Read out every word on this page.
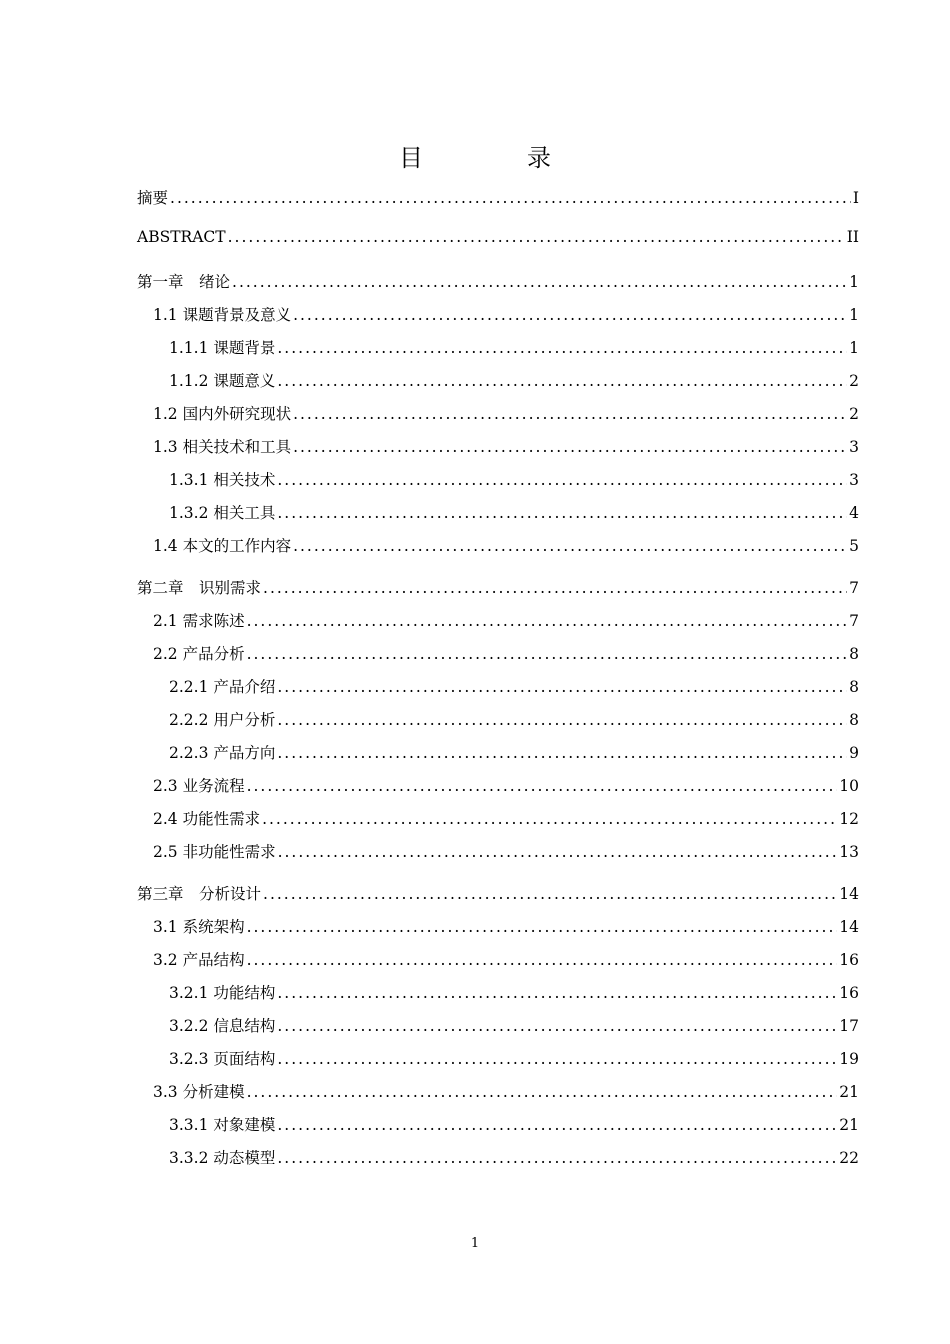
目　录
摘要 .....	I
ABSTRACT .....	II
第一章　绪论 .....	1
1.1 课题背景及意义 .....	1
1.1.1 课题背景 .....	1
1.1.2 课题意义 .....	2
1.2 国内外研究现状 .....	2
1.3 相关技术和工具 .....	3
1.3.1 相关技术 .....	3
1.3.2 相关工具 .....	4
1.4 本文的工作内容 .....	5
第二章　识别需求 .....	7
2.1 需求陈述 .....	7
2.2 产品分析 .....	8
2.2.1 产品介绍 .....	8
2.2.2 用户分析 .....	8
2.2.3 产品方向 .....	9
2.3 业务流程 .....	10
2.4 功能性需求 .....	12
2.5 非功能性需求 .....	13
第三章　分析设计 .....	14
3.1 系统架构 .....	14
3.2 产品结构 .....	16
3.2.1 功能结构 .....	16
3.2.2 信息结构 .....	17
3.2.3 页面结构 .....	19
3.3 分析建模 .....	21
3.3.1 对象建模 .....	21
3.3.2 动态模型 .....	22
1
